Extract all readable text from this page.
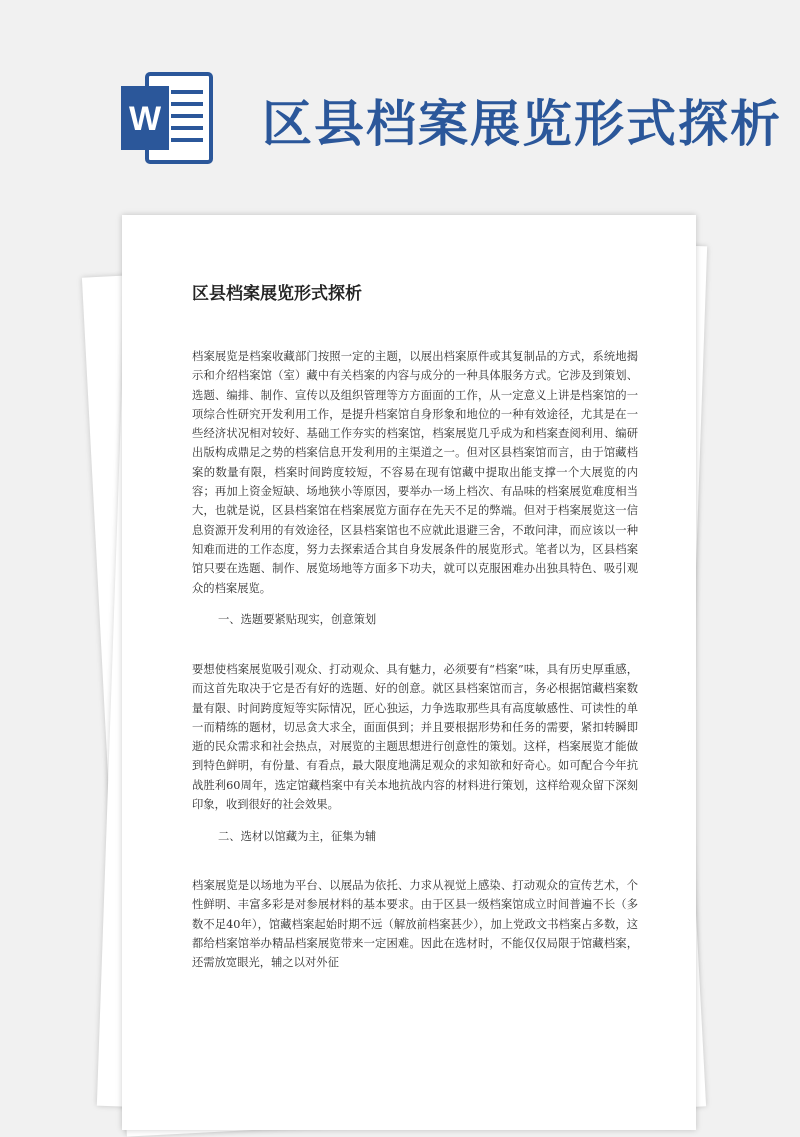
W 区县档案展览形式探析
区县档案展览形式探析
档案展览是档案收藏部门按照一定的主题，以展出档案原件或其复制品的方式，系统地揭示和介绍档案馆（室）藏中有关档案的内容与成分的一种具体服务方式。它涉及到策划、选题、编排、制作、宣传以及组织管理等方方面面的工作，从一定意义上讲是档案馆的一项综合性研究开发利用工作，是提升档案馆自身形象和地位的一种有效途径，尤其是在一些经济状况相对较好、基础工作夯实的档案馆，档案展览几乎成为和档案查阅利用、编研出版构成鼎足之势的档案信息开发利用的主渠道之一。但对区县档案馆而言，由于馆藏档案的数量有限，档案时间跨度较短，不容易在现有馆藏中提取出能支撑一个大展览的内容；再加上资金短缺、场地狭小等原因，要举办一场上档次、有品味的档案展览难度相当大，也就是说，区县档案馆在档案展览方面存在先天不足的弊端。但对于档案展览这一信息资源开发利用的有效途径，区县档案馆也不应就此退避三舍，不敢问津，而应该以一种知难而进的工作态度，努力去探索适合其自身发展条件的展览形式。笔者以为，区县档案馆只要在选题、制作、展览场地等方面多下功夫，就可以克服困难办出独具特色、吸引观众的档案展览。
一、选题要紧贴现实，创意策划
要想使档案展览吸引观众、打动观众、具有魅力，必须要有“档案”味，具有历史厚重感，而这首先取决于它是否有好的选题、好的创意。就区县档案馆而言，务必根据馆藏档案数量有限、时间跨度短等实际情况，匠心独运，力争选取那些具有高度敏感性、可读性的单一而精练的题材，切忌贪大求全，面面俱到；并且要根据形势和任务的需要，紧扣转瞬即逝的民众需求和社会热点，对展览的主题思想进行创意性的策划。这样，档案展览才能做到特色鲜明，有份量、有看点，最大限度地满足观众的求知欲和好奇心。如可配合今年抗战胜利60周年，选定馆藏档案中有关本地抗战内容的材料进行策划，这样给观众留下深刻印象，收到很好的社会效果。
二、选材以馆藏为主，征集为辅
档案展览是以场地为平台、以展品为依托、力求从视觉上感染、打动观众的宣传艺术，个性鲜明、丰富多彩是对参展材料的基本要求。由于区县一级档案馆成立时间普遍不长（多数不足40年），馆藏档案起始时期不远（解放前档案甚少），加上党政文书档案占多数，这都给档案馆举办精品档案展览带来一定困难。因此在选材时，不能仅仅局限于馆藏档案，还需放宽眼光，辅之以对外征
